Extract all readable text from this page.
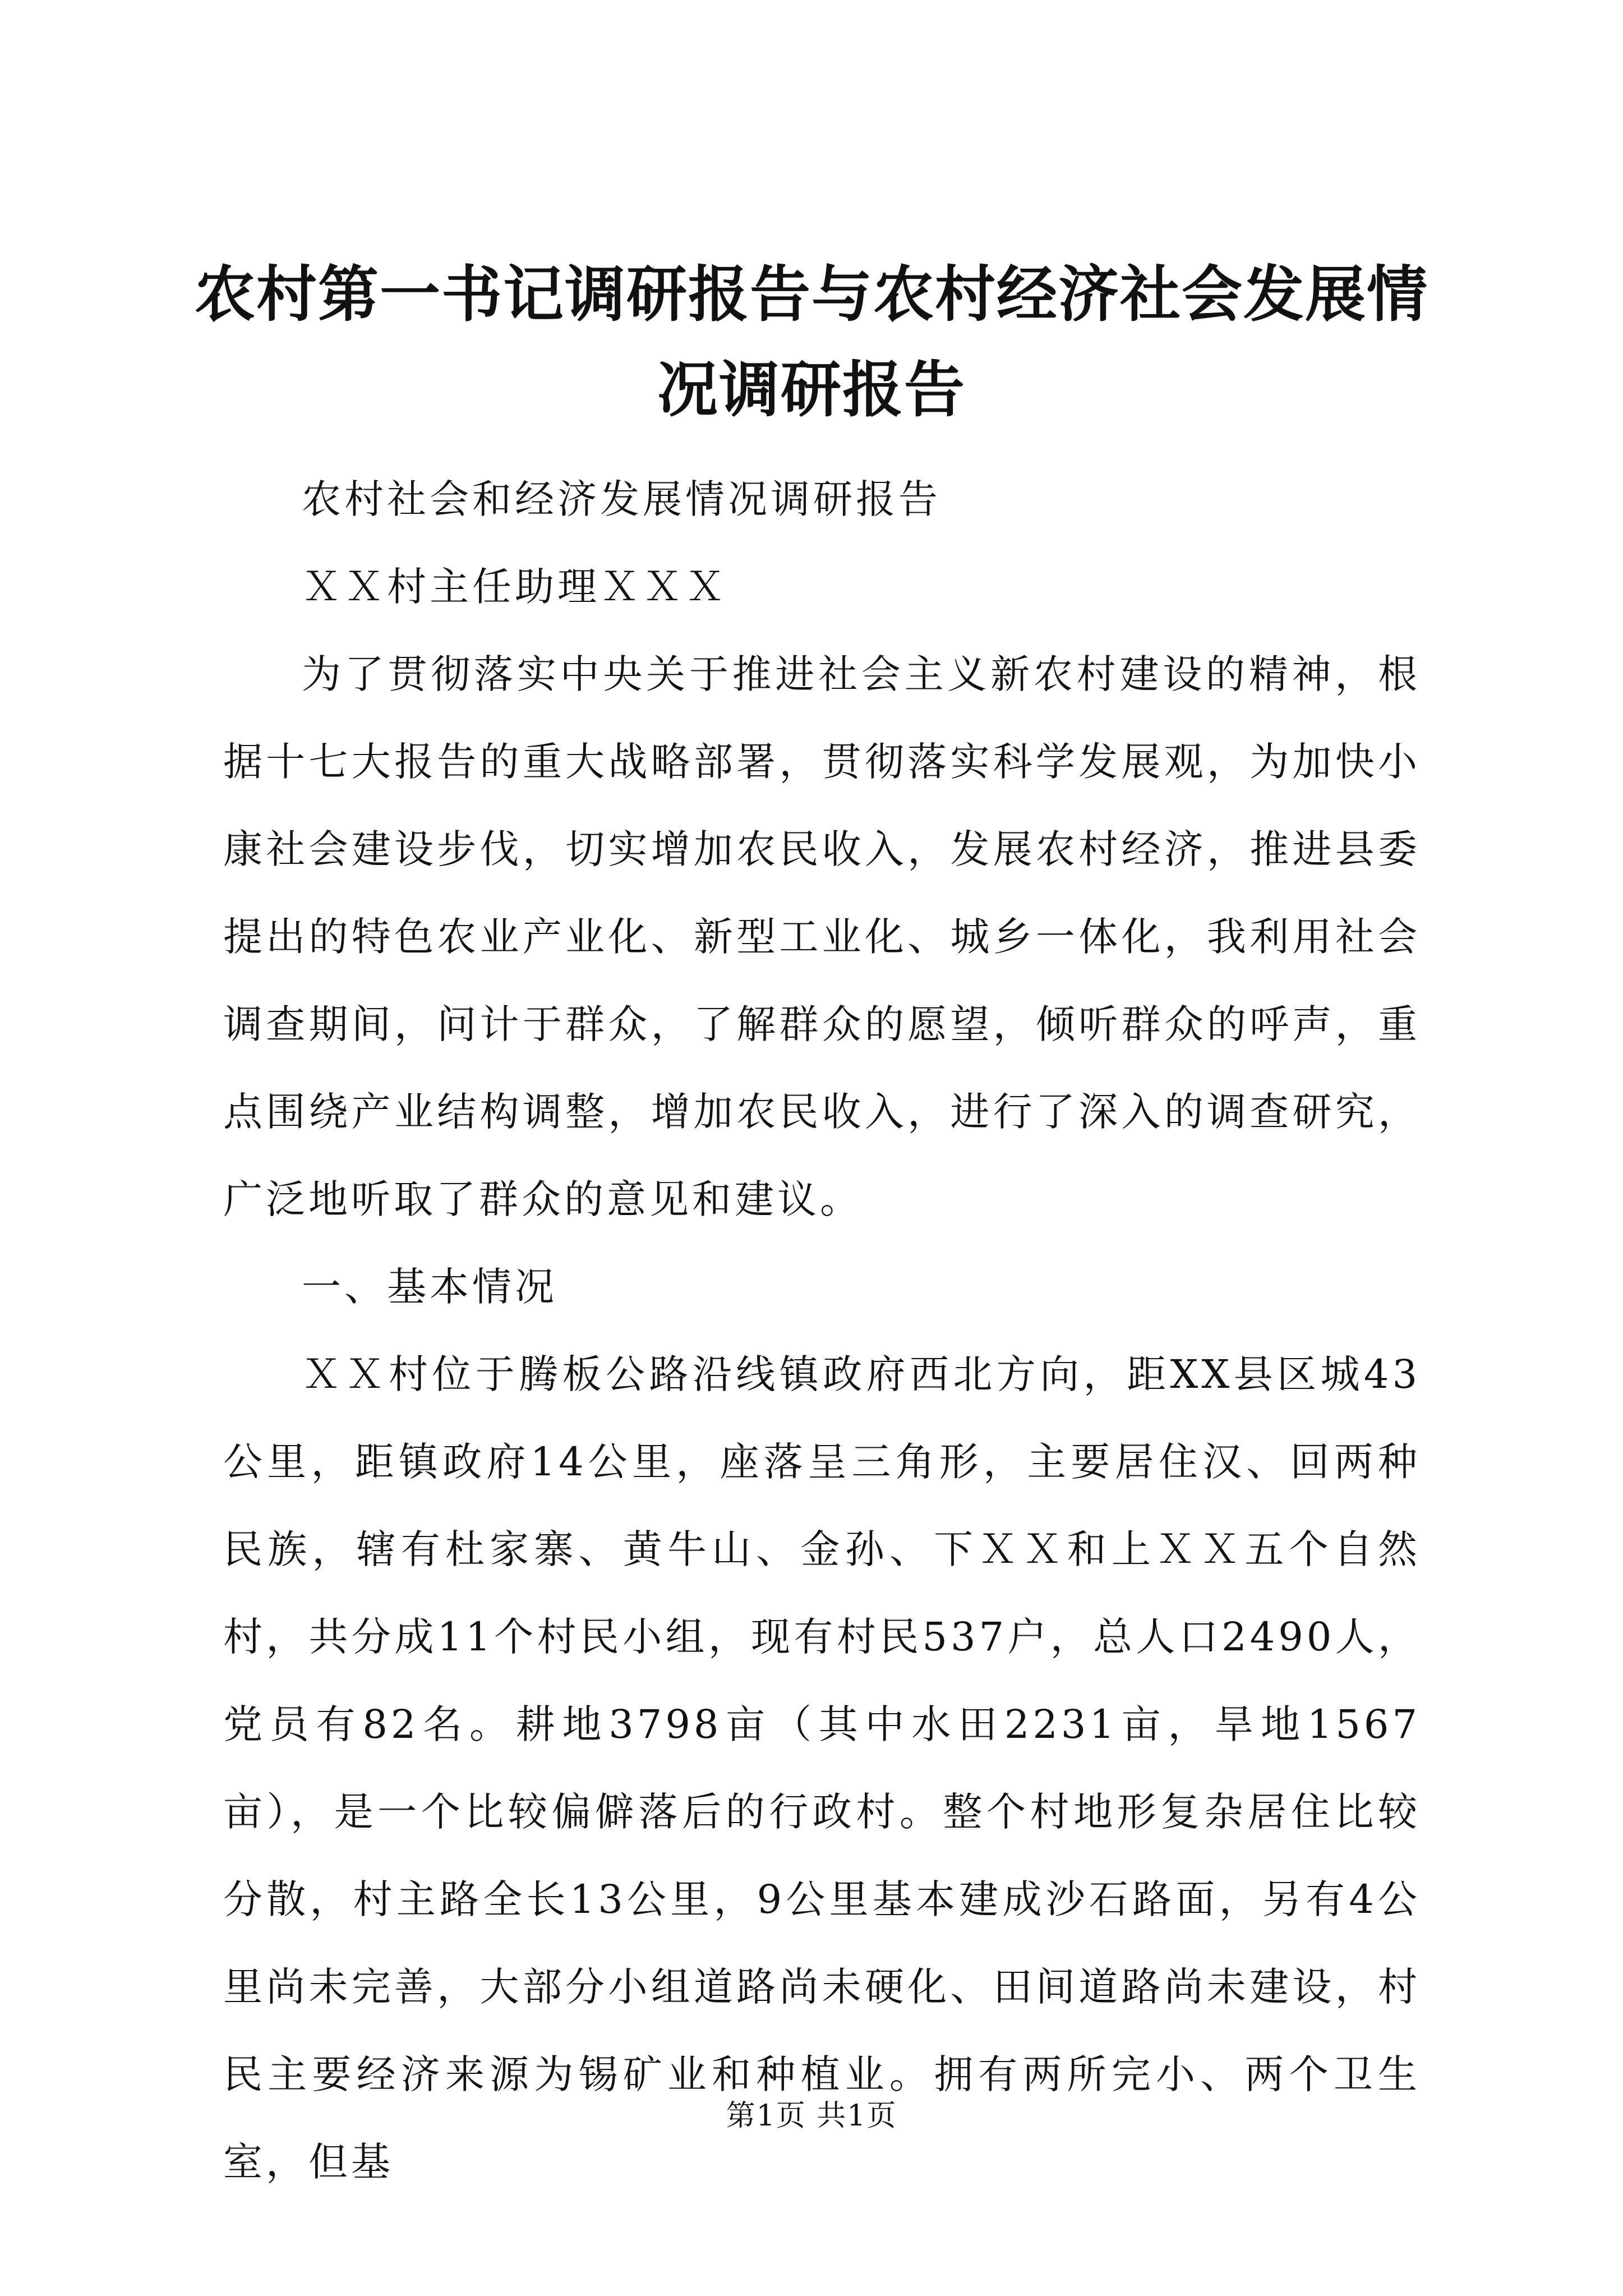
农村第一书记调研报告与农村经济社会发展情况调研报告

农村社会和经济发展情况调研报告

ＸＸ村主任助理ＸＸＸ

为了贯彻落实中央关于推进社会主义新农村建设的精神，根据十七大报告的重大战略部署，贯彻落实科学发展观，为加快小康社会建设步伐，切实增加农民收入，发展农村经济，推进县委提出的特色农业产业化、新型工业化、城乡一体化，我利用社会调查期间，问计于群众，了解群众的愿望，倾听群众的呼声，重点围绕产业结构调整，增加农民收入，进行了深入的调查研究，广泛地听取了群众的意见和建议。

一、基本情况

ＸＸ村位于腾板公路沿线镇政府西北方向，距XX县区城43公里，距镇政府14公里，座落呈三角形，主要居住汉、回两种民族，辖有杜家寨、黄牛山、金孙、下ＸＸ和上ＸＸ五个自然村，共分成11个村民小组，现有村民537户，总人口2490人，党员有82名。耕地3798亩（其中水田2231亩，旱地1567亩），是一个比较偏僻落后的行政村。整个村地形复杂居住比较分散，村主路全长13公里，9公里基本建成沙石路面，另有4公里尚未完善，大部分小组道路尚未硬化、田间道路尚未建设，村民主要经济来源为锡矿业和种植业。拥有两所完小、两个卫生室，但基

第1页 共1页
